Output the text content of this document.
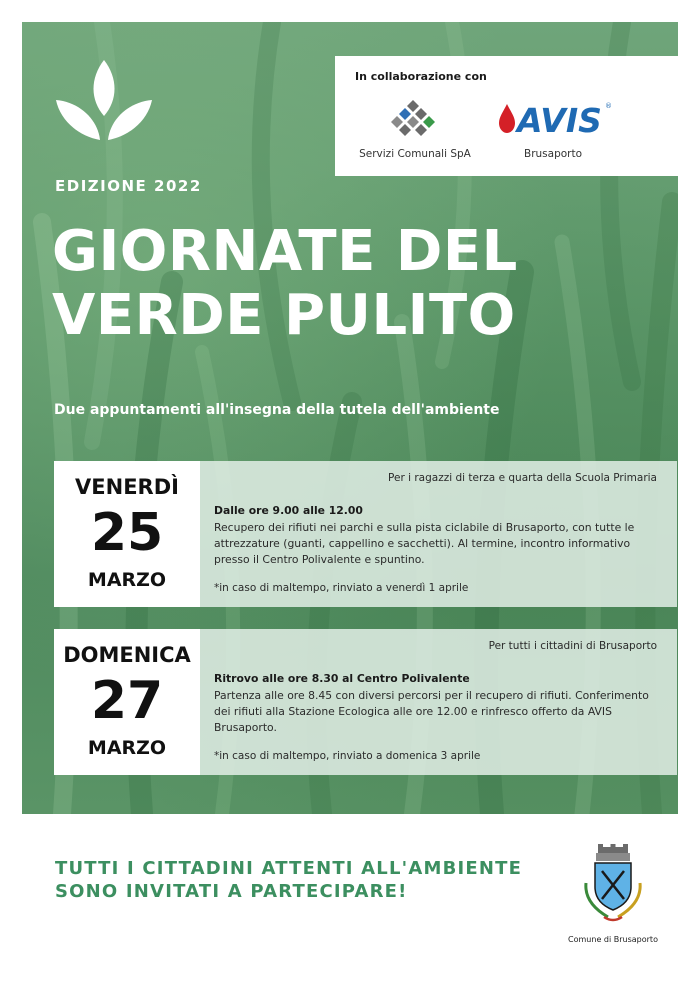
In collaborazione con
Servizi Comunali SpA
AVIS ®
Brusaporto
EDIZIONE 2022
GIORNATE DEL
VERDE PULITO
Due appuntamenti all'insegna della tutela dell'ambiente
VENERDÌ
25
MARZO
Per i ragazzi di terza e quarta della Scuola Primaria
Dalle ore 9.00 alle 12.00
Recupero dei rifiuti nei parchi e sulla pista ciclabile di Brusaporto, con tutte le attrezzature (guanti, cappellino e sacchetti). Al termine, incontro informativo presso il Centro Polivalente e spuntino.
*in caso di maltempo, rinviato a venerdì 1 aprile
DOMENICA
27
MARZO
Per tutti i cittadini di Brusaporto
Ritrovo alle ore 8.30 al Centro Polivalente
Partenza alle ore 8.45 con diversi percorsi per il recupero di rifiuti. Conferimento dei rifiuti alla Stazione Ecologica alle ore 12.00 e rinfresco offerto da AVIS Brusaporto.
*in caso di maltempo, rinviato a domenica 3 aprile
TUTTI I CITTADINI ATTENTI ALL'AMBIENTE
SONO INVITATI A PARTECIPARE!
Comune di Brusaporto
